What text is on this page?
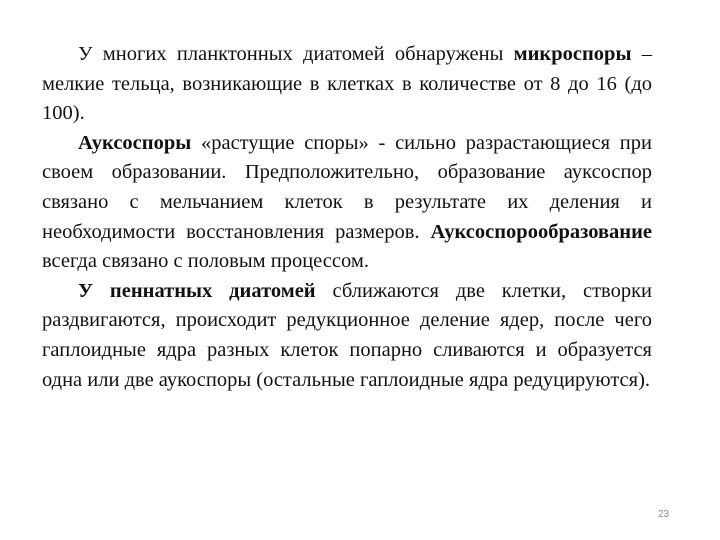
У многих планктонных диатомей обнаружены микроспоры – мелкие тельца, возникающие в клетках в количестве от 8 до 16 (до 100).

Ауксоспоры «растущие споры» - сильно разрастающиеся при своем образовании. Предположительно, образование ауксоспор связано с мельчанием клеток в результате их деления и необходимости восстановления размеров. Ауксоспорообразование всегда связано с половым процессом.

У пеннатных диатомей сближаются две клетки, створки раздвигаются, происходит редукционное деление ядер, после чего гаплоидные ядра разных клеток попарно сливаются и образуется одна или две аукоспоры (остальные гаплоидные ядра редуцируются).

23
